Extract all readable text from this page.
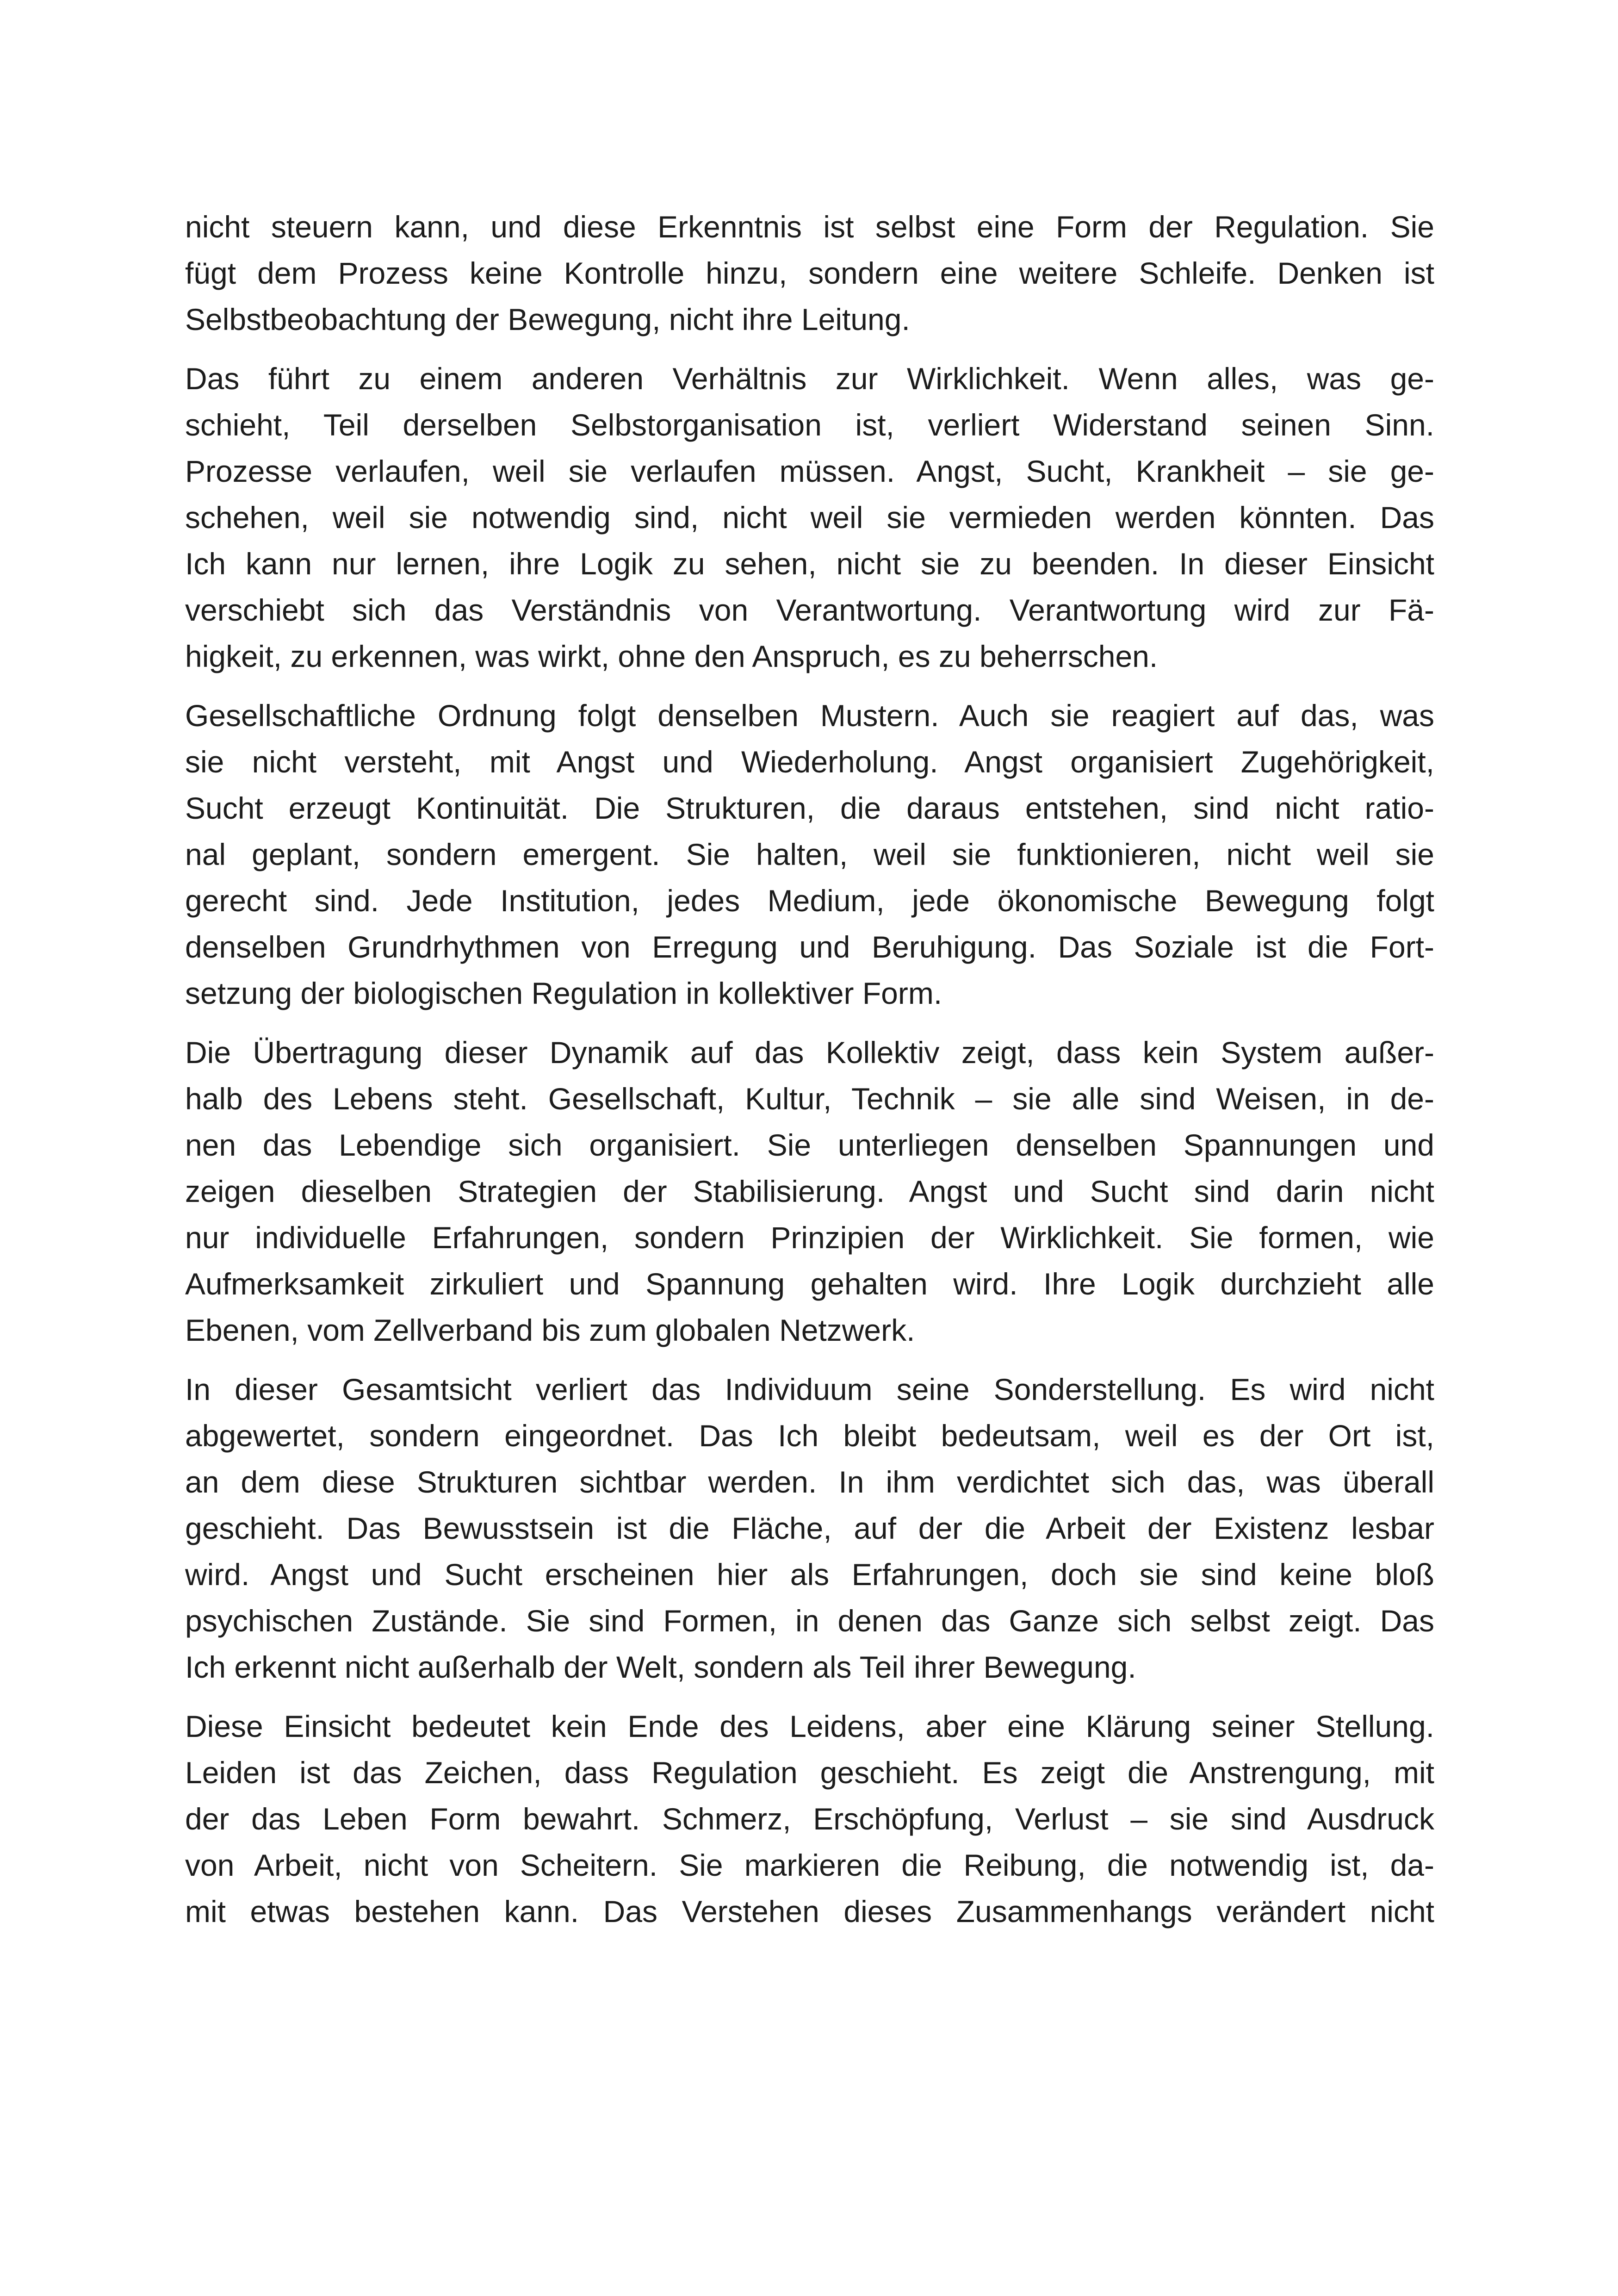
nicht steuern kann, und diese Erkenntnis ist selbst eine Form der Regulation. Sie
fügt dem Prozess keine Kontrolle hinzu, sondern eine weitere Schleife. Denken ist
Selbstbeobachtung der Bewegung, nicht ihre Leitung.
Das führt zu einem anderen Verhältnis zur Wirklichkeit. Wenn alles, was ge-
schieht, Teil derselben Selbstorganisation ist, verliert Widerstand seinen Sinn.
Prozesse verlaufen, weil sie verlaufen müssen. Angst, Sucht, Krankheit – sie ge-
schehen, weil sie notwendig sind, nicht weil sie vermieden werden könnten. Das
Ich kann nur lernen, ihre Logik zu sehen, nicht sie zu beenden. In dieser Einsicht
verschiebt sich das Verständnis von Verantwortung. Verantwortung wird zur Fä-
higkeit, zu erkennen, was wirkt, ohne den Anspruch, es zu beherrschen.
Gesellschaftliche Ordnung folgt denselben Mustern. Auch sie reagiert auf das, was
sie nicht versteht, mit Angst und Wiederholung. Angst organisiert Zugehörigkeit,
Sucht erzeugt Kontinuität. Die Strukturen, die daraus entstehen, sind nicht ratio-
nal geplant, sondern emergent. Sie halten, weil sie funktionieren, nicht weil sie
gerecht sind. Jede Institution, jedes Medium, jede ökonomische Bewegung folgt
denselben Grundrhythmen von Erregung und Beruhigung. Das Soziale ist die Fort-
setzung der biologischen Regulation in kollektiver Form.
Die Übertragung dieser Dynamik auf das Kollektiv zeigt, dass kein System außer-
halb des Lebens steht. Gesellschaft, Kultur, Technik – sie alle sind Weisen, in de-
nen das Lebendige sich organisiert. Sie unterliegen denselben Spannungen und
zeigen dieselben Strategien der Stabilisierung. Angst und Sucht sind darin nicht
nur individuelle Erfahrungen, sondern Prinzipien der Wirklichkeit. Sie formen, wie
Aufmerksamkeit zirkuliert und Spannung gehalten wird. Ihre Logik durchzieht alle
Ebenen, vom Zellverband bis zum globalen Netzwerk.
In dieser Gesamtsicht verliert das Individuum seine Sonderstellung. Es wird nicht
abgewertet, sondern eingeordnet. Das Ich bleibt bedeutsam, weil es der Ort ist,
an dem diese Strukturen sichtbar werden. In ihm verdichtet sich das, was überall
geschieht. Das Bewusstsein ist die Fläche, auf der die Arbeit der Existenz lesbar
wird. Angst und Sucht erscheinen hier als Erfahrungen, doch sie sind keine bloß
psychischen Zustände. Sie sind Formen, in denen das Ganze sich selbst zeigt. Das
Ich erkennt nicht außerhalb der Welt, sondern als Teil ihrer Bewegung.
Diese Einsicht bedeutet kein Ende des Leidens, aber eine Klärung seiner Stellung.
Leiden ist das Zeichen, dass Regulation geschieht. Es zeigt die Anstrengung, mit
der das Leben Form bewahrt. Schmerz, Erschöpfung, Verlust – sie sind Ausdruck
von Arbeit, nicht von Scheitern. Sie markieren die Reibung, die notwendig ist, da-
mit etwas bestehen kann. Das Verstehen dieses Zusammenhangs verändert nicht
